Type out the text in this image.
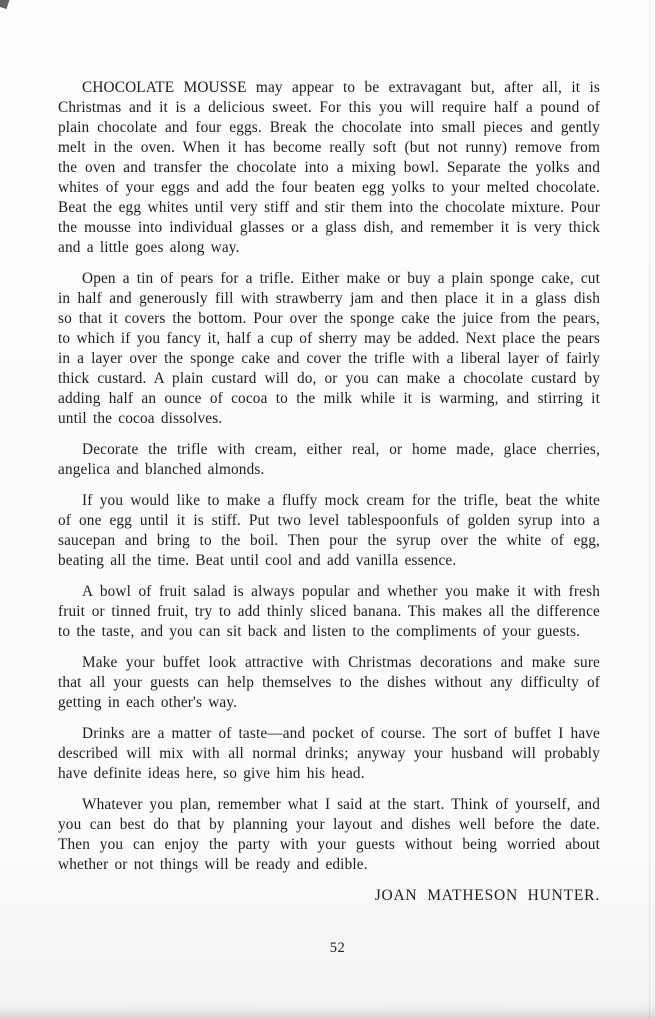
CHOCOLATE MOUSSE may appear to be extravagant but, after all, it is Christmas and it is a delicious sweet. For this you will require half a pound of plain chocolate and four eggs. Break the chocolate into small pieces and gently melt in the oven. When it has become really soft (but not runny) remove from the oven and transfer the chocolate into a mixing bowl. Separate the yolks and whites of your eggs and add the four beaten egg yolks to your melted chocolate. Beat the egg whites until very stiff and stir them into the chocolate mixture. Pour the mousse into individual glasses or a glass dish, and remember it is very thick and a little goes along way.

Open a tin of pears for a trifle. Either make or buy a plain sponge cake, cut in half and generously fill with strawberry jam and then place it in a glass dish so that it covers the bottom. Pour over the sponge cake the juice from the pears, to which if you fancy it, half a cup of sherry may be added. Next place the pears in a layer over the sponge cake and cover the trifle with a liberal layer of fairly thick custard. A plain custard will do, or you can make a chocolate custard by adding half an ounce of cocoa to the milk while it is warming, and stirring it until the cocoa dissolves.

Decorate the trifle with cream, either real, or home made, glace cherries, angelica and blanched almonds.

If you would like to make a fluffy mock cream for the trifle, beat the white of one egg until it is stiff. Put two level tablespoonfuls of golden syrup into a saucepan and bring to the boil. Then pour the syrup over the white of egg, beating all the time. Beat until cool and add vanilla essence.

A bowl of fruit salad is always popular and whether you make it with fresh fruit or tinned fruit, try to add thinly sliced banana. This makes all the difference to the taste, and you can sit back and listen to the compliments of your guests.

Make your buffet look attractive with Christmas decorations and make sure that all your guests can help themselves to the dishes without any difficulty of getting in each other's way.

Drinks are a matter of taste—and pocket of course. The sort of buffet I have described will mix with all normal drinks; anyway your husband will probably have definite ideas here, so give him his head.

Whatever you plan, remember what I said at the start. Think of yourself, and you can best do that by planning your layout and dishes well before the date. Then you can enjoy the party with your guests without being worried about whether or not things will be ready and edible.

JOAN MATHESON HUNTER.

52
